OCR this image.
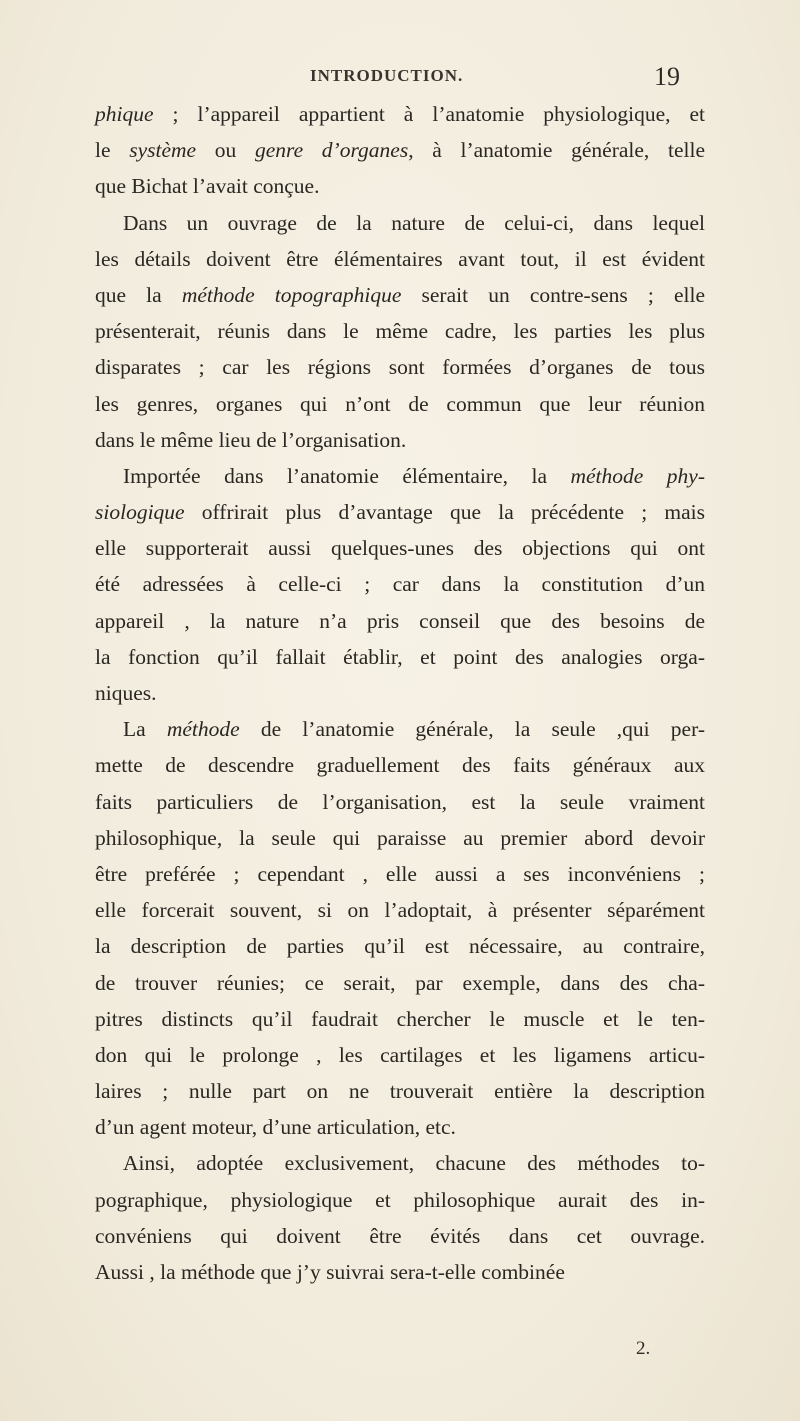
INTRODUCTION.	19
phique ; l’appareil appartient à l’anatomie physiologique, et
le système ou genre d’organes, à l’anatomie générale, telle
que Bichat l’avait conçue.
Dans un ouvrage de la nature de celui-ci, dans lequel
les détails doivent être élémentaires avant tout, il est évident
que la méthode topographique serait un contre-sens ; elle
présenterait, réunis dans le même cadre, les parties les plus
disparates ; car les régions sont formées d’organes de tous
les genres, organes qui n’ont de commun que leur réunion
dans le même lieu de l’organisation.
Importée dans l’anatomie élémentaire, la méthode phy-
siologique offrirait plus d’avantage que la précédente ; mais
elle supporterait aussi quelques-unes des objections qui ont
été adressées à celle-ci ; car dans la constitution d’un
appareil , la nature n’a pris conseil que des besoins de
la fonction qu’il fallait établir, et point des analogies orga-
niques.
La méthode de l’anatomie générale, la seule ,qui per-
mette de descendre graduellement des faits généraux aux
faits particuliers de l’organisation, est la seule vraiment
philosophique, la seule qui paraisse au premier abord devoir
être preférée ; cependant , elle aussi a ses inconvéniens ;
elle forcerait souvent, si on l’adoptait, à présenter séparément
la description de parties qu’il est nécessaire, au contraire,
de trouver réunies; ce serait, par exemple, dans des cha-
pitres distincts qu’il faudrait chercher le muscle et le ten-
don qui le prolonge , les cartilages et les ligamens articu-
laires ; nulle part on ne trouverait entière la description
d’un agent moteur, d’une articulation, etc.
Ainsi, adoptée exclusivement, chacune des méthodes to-
pographique, physiologique et philosophique aurait des in-
convéniens qui doivent être évités dans cet ouvrage.
Aussi , la méthode que j’y suivrai sera-t-elle combinée
2.
